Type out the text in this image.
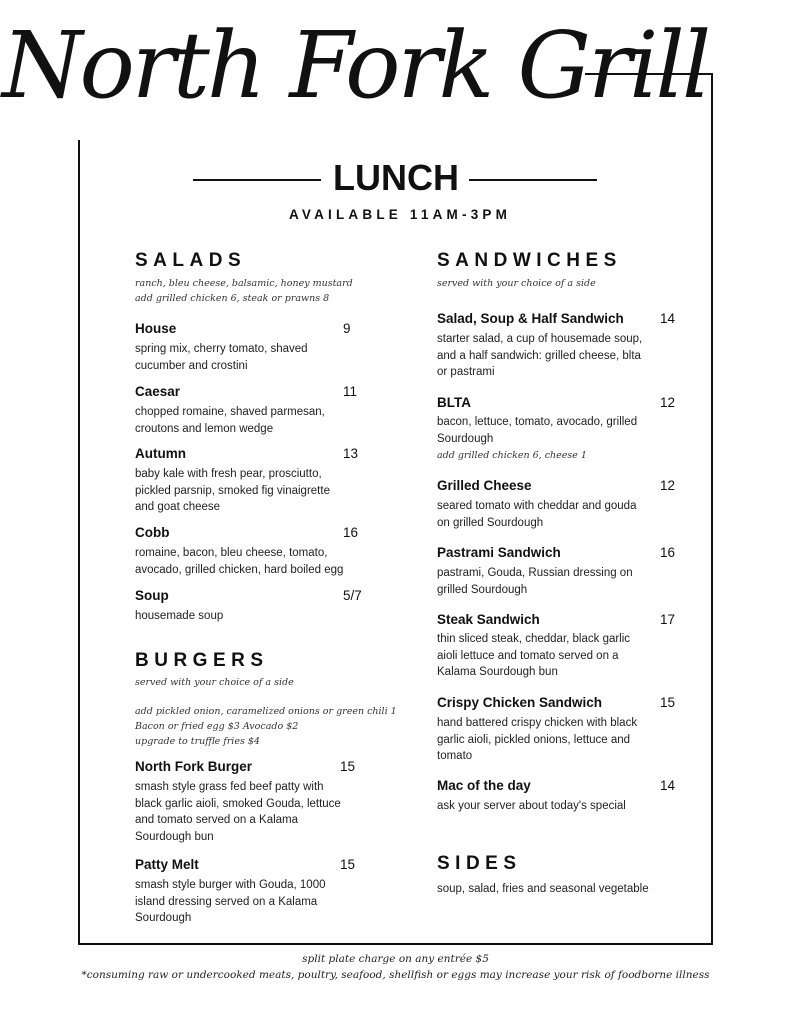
North Fork Grill
LUNCH
AVAILABLE 11AM-3PM
SALADS
ranch, bleu cheese, balsamic, honey mustard
add grilled chicken 6, steak or prawns 8
House	9
spring mix, cherry tomato, shaved cucumber and crostini
Caesar	11
chopped romaine, shaved parmesan, croutons and lemon wedge
Autumn	13
baby kale with fresh pear, prosciutto, pickled parsnip, smoked fig vinaigrette and goat cheese
Cobb	16
romaine, bacon, bleu cheese, tomato, avocado, grilled chicken, hard boiled egg
Soup	5/7
housemade soup
BURGERS
served with your choice of a side
add pickled onion, caramelized onions or green chili 1
Bacon or fried egg $3 Avocado $2
upgrade to truffle fries $4
North Fork Burger	15
smash style grass fed beef patty with black garlic aioli, smoked Gouda, lettuce and tomato served on a Kalama Sourdough bun
Patty Melt	15
smash style burger with Gouda, 1000 island dressing served on a Kalama Sourdough
SANDWICHES
served with your choice of a side
Salad, Soup & Half Sandwich	14
starter salad, a cup of housemade soup, and a half sandwich: grilled cheese, blta or pastrami
BLTA	12
bacon, lettuce, tomato, avocado, grilled Sourdough
add grilled chicken 6, cheese 1
Grilled Cheese	12
seared tomato with cheddar and gouda on grilled Sourdough
Pastrami Sandwich	16
pastrami, Gouda, Russian dressing on grilled Sourdough
Steak Sandwich	17
thin sliced steak, cheddar, black garlic aioli lettuce and tomato served on a Kalama Sourdough bun
Crispy Chicken Sandwich	15
hand battered crispy chicken with black garlic aioli, pickled onions, lettuce and tomato
Mac of the day	14
ask your server about today's special
SIDES
soup, salad, fries and seasonal vegetable
split plate charge on any entrée $5
*consuming raw or undercooked meats, poultry, seafood, shellfish or eggs may increase your risk of foodborne illness
